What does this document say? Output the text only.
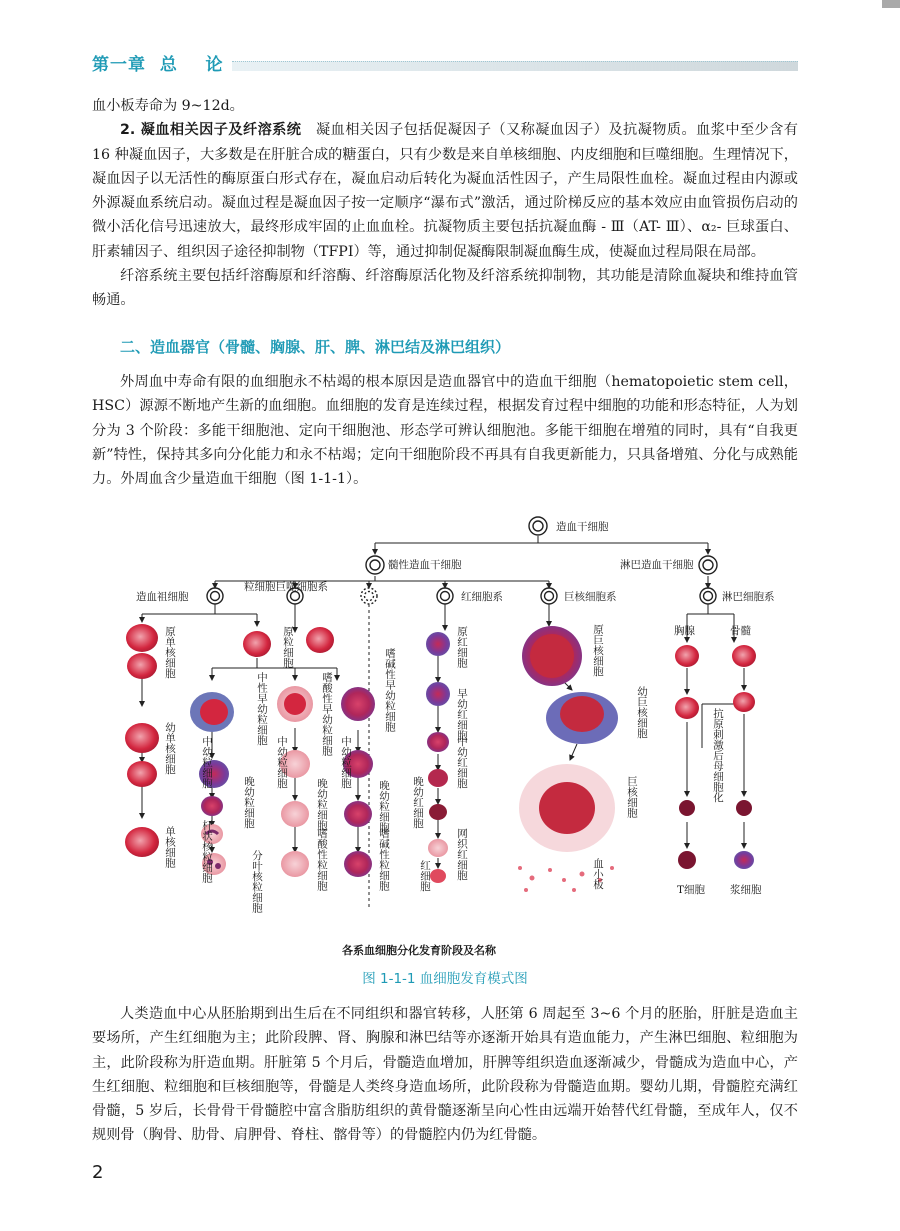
第一章  总    论

血小板寿命为 9~12d。

2. 凝血相关因子及纤溶系统　 凝血相关因子包括促凝因子（又称凝血因子）及抗凝物质。血浆中至少含有 16 种凝血因子，大多数是在肝脏合成的糖蛋白，只有少数是来自单核细胞、内皮细胞和巨噬细胞。生理情况下，凝血因子以无活性的酶原蛋白形式存在，凝血启动后转化为凝血活性因子，产生局限性血栓。凝血过程由内源或外源凝血系统启动。凝血过程是凝血因子按一定顺序“瀑布式”激活，通过阶梯反应的基本效应由血管损伤启动的微小活化信号迅速放大，最终形成牢固的止血血栓。抗凝物质主要包括抗凝血酶 - Ⅲ（AT- Ⅲ）、α₂- 巨球蛋白、肝素辅因子、组织因子途径抑制物（TFPI）等，通过抑制促凝酶限制凝血酶生成，使凝血过程局限在局部。

纤溶系统主要包括纤溶酶原和纤溶酶、纤溶酶原活化物及纤溶系统抑制物，其功能是清除血凝块和维持血管畅通。

二、造血器官（骨髓、胸腺、肝、脾、淋巴结及淋巴组织）

外周血中寿命有限的血细胞永不枯竭的根本原因是造血器官中的造血干细胞（hematopoietic stem cell，HSC）源源不断地产生新的血细胞。血细胞的发育是连续过程，根据发育过程中细胞的功能和形态特征，人为划分为 3 个阶段：多能干细胞池、定向干细胞池、形态学可辨认细胞池。多能干细胞在增殖的同时，具有“自我更新”特性，保持其多向分化能力和永不枯竭；定向干细胞阶段不再具有自我更新能力，只具备增殖、分化与成熟能力。外周血含少量造血干细胞（图 1-1-1）。

造血干细胞
髓性造血干细胞	淋巴造血干细胞
造血祖细胞
粒细胞巨噬细胞系
红细胞系	巨核细胞系	淋巴细胞系
胸腺	骨髓
T细胞 浆细胞
各系血细胞分化发育阶段及名称
原单核细胞
幼单核细胞
单核细胞
原粒细胞
中性早幼粒细胞
中幼粒细胞
晚幼粒细胞
杆状核粒细胞	分叶核粒细胞
嗜酸性早幼粒细胞
中幼粒细胞
晚幼粒细胞
嗜酸性粒细胞
嗜碱性早幼粒细胞
中幼粒细胞
晚幼粒细胞
嗜碱性粒细胞
原红细胞
早幼红细胞
中幼红细胞
晚幼红细胞
网织红细胞
红细胞
原巨核细胞
幼巨核细胞
巨核细胞
血小板
抗原刺激后母细胞化
图 1-1-1 血细胞发育模式图

人类造血中心从胚胎期到出生后在不同组织和器官转移，人胚第 6 周起至 3~6 个月的胚胎，肝脏是造血主要场所，产生红细胞为主；此阶段脾、肾、胸腺和淋巴结等亦逐渐开始具有造血能力，产生淋巴细胞、粒细胞为主，此阶段称为肝造血期。肝脏第 5 个月后，骨髓造血增加，肝脾等组织造血逐渐减少，骨髓成为造血中心，产生红细胞、粒细胞和巨核细胞等，骨髓是人类终身造血场所，此阶段称为骨髓造血期。婴幼儿期，骨髓腔充满红骨髓，5 岁后，长骨骨干骨髓腔中富含脂肪组织的黄骨髓逐渐呈向心性由远端开始替代红骨髓，至成年人，仅不规则骨（胸骨、肋骨、肩胛骨、脊柱、髂骨等）的骨髓腔内仍为红骨髓。

2
